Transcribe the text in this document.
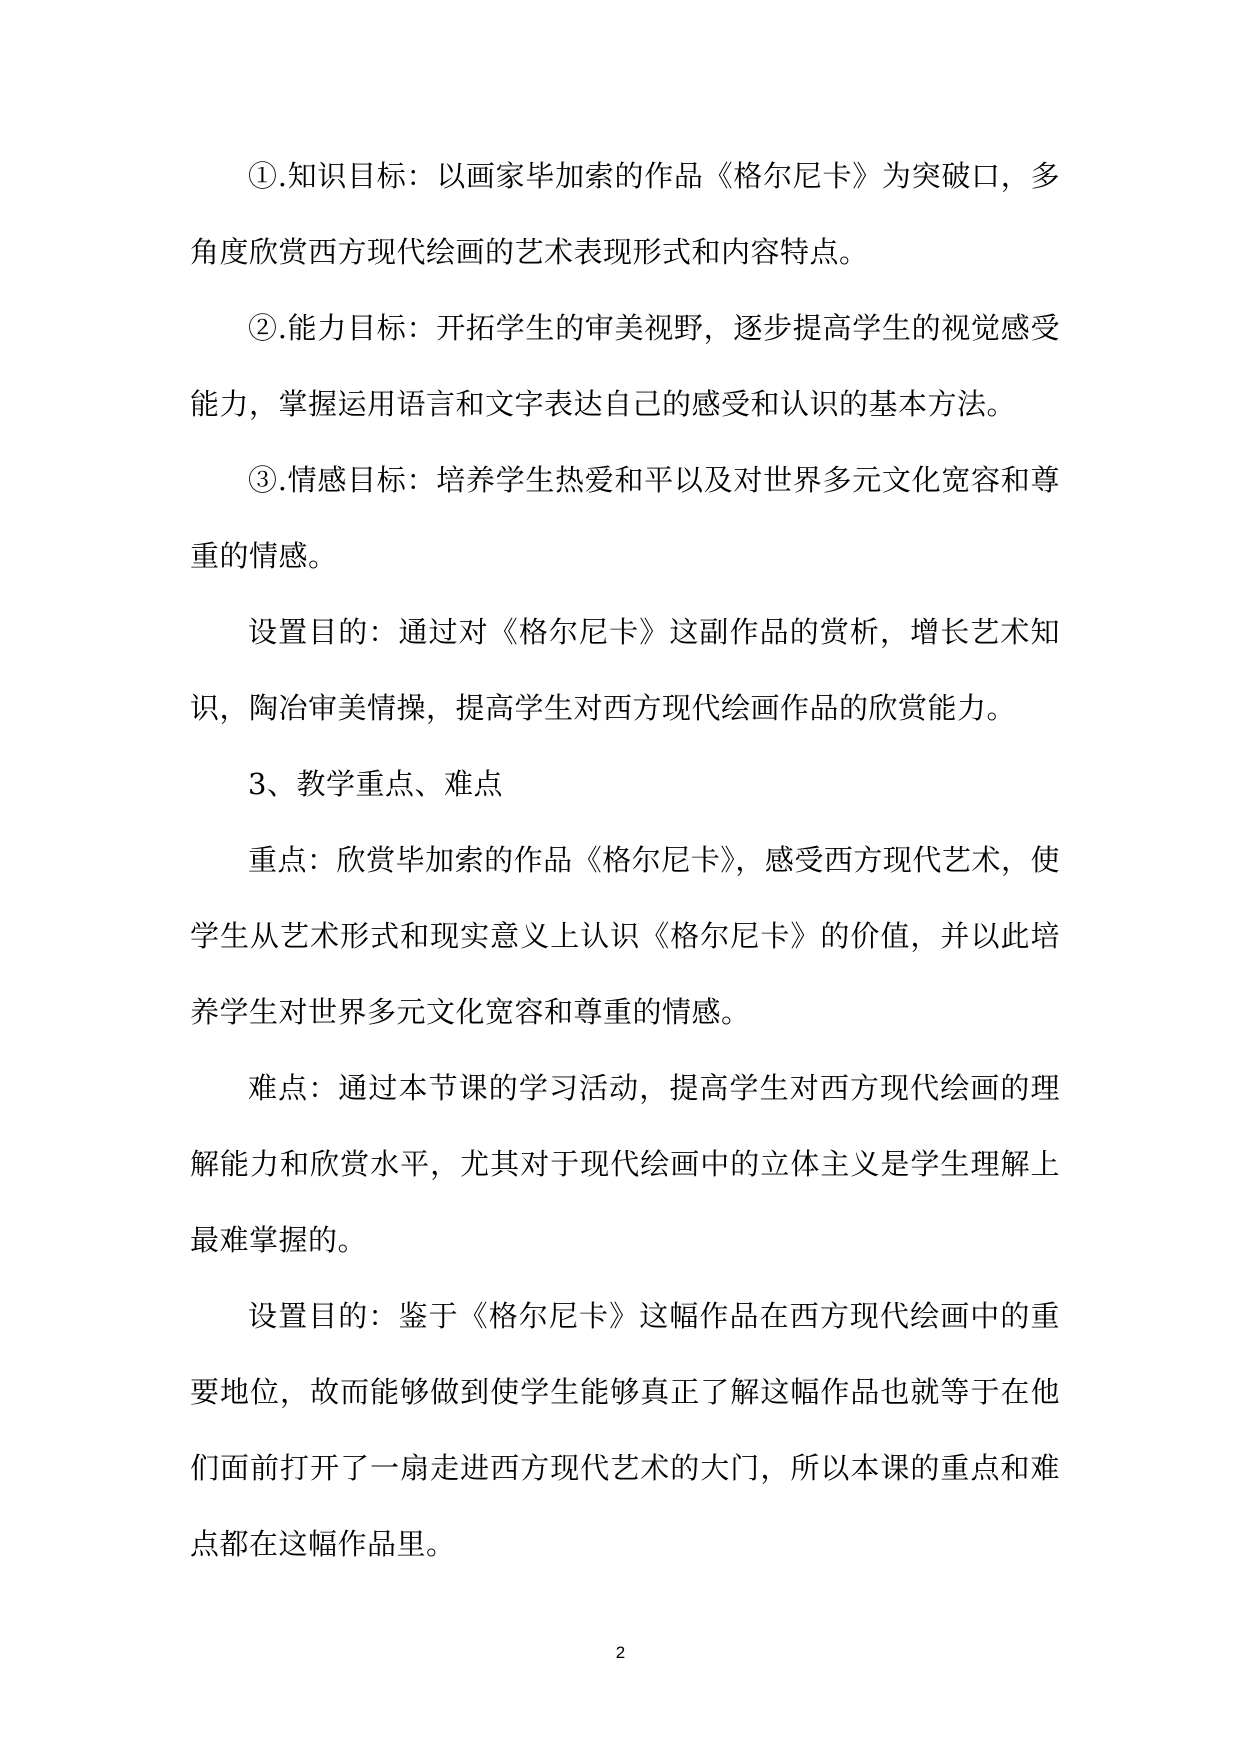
①.知识目标：以画家毕加索的作品《格尔尼卡》为突破口，多角度欣赏西方现代绘画的艺术表现形式和内容特点。

②.能力目标：开拓学生的审美视野，逐步提高学生的视觉感受能力，掌握运用语言和文字表达自己的感受和认识的基本方法。

③.情感目标：培养学生热爱和平以及对世界多元文化宽容和尊重的情感。

设置目的：通过对《格尔尼卡》这副作品的赏析，增长艺术知识，陶冶审美情操，提高学生对西方现代绘画作品的欣赏能力。

3、教学重点、难点

重点：欣赏毕加索的作品《格尔尼卡》，感受西方现代艺术，使学生从艺术形式和现实意义上认识《格尔尼卡》的价值，并以此培养学生对世界多元文化宽容和尊重的情感。

难点：通过本节课的学习活动，提高学生对西方现代绘画的理解能力和欣赏水平，尤其对于现代绘画中的立体主义是学生理解上最难掌握的。

设置目的：鉴于《格尔尼卡》这幅作品在西方现代绘画中的重要地位，故而能够做到使学生能够真正了解这幅作品也就等于在他们面前打开了一扇走进西方现代艺术的大门，所以本课的重点和难点都在这幅作品里。

2
